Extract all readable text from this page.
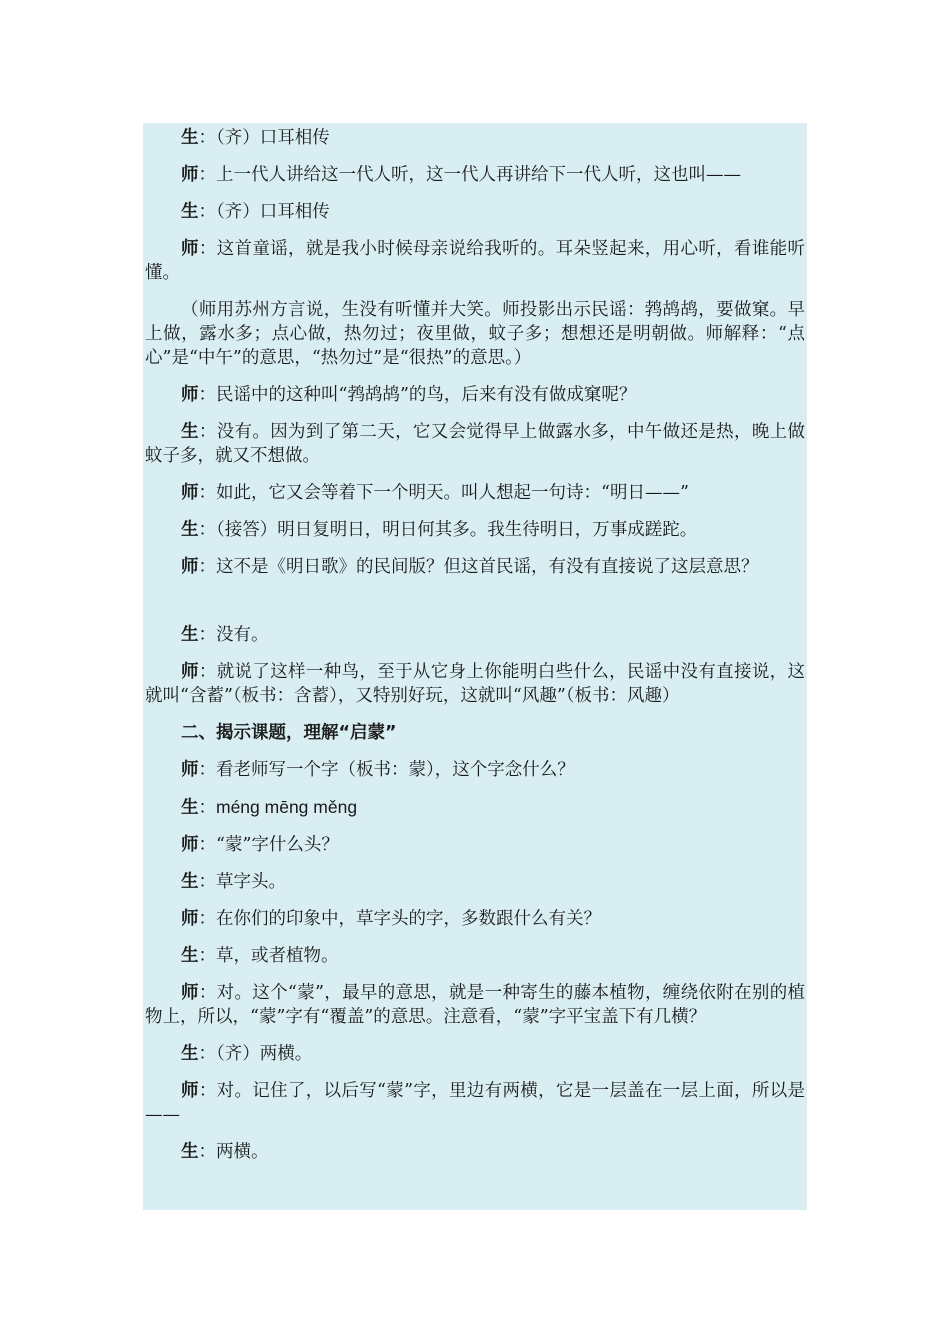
生：（齐）口耳相传

师：上一代人讲给这一代人听，这一代人再讲给下一代人听，这也叫——

生：（齐）口耳相传

师：这首童谣，就是我小时候母亲说给我听的。耳朵竖起来，用心听，看谁能听懂。

（师用苏州方言说，生没有听懂并大笑。师投影出示民谣：鹁鸪鸪，要做窠。早上做，露水多；点心做，热勿过；夜里做，蚊子多；想想还是明朝做。师解释：“点心”是“中午”的意思，“热勿过”是“很热”的意思。）

师：民谣中的这种叫“鹁鸪鸪”的鸟，后来有没有做成窠呢？

生：没有。因为到了第二天，它又会觉得早上做露水多，中午做还是热，晚上做蚊子多，就又不想做。

师：如此，它又会等着下一个明天。叫人想起一句诗：“明日——”

生：（接答）明日复明日，明日何其多。我生待明日，万事成蹉跎。

师：这不是《明日歌》的民间版？但这首民谣，有没有直接说了这层意思？

生：没有。

师：就说了这样一种鸟，至于从它身上你能明白些什么，民谣中没有直接说，这就叫“含蓄”（板书：含蓄），又特别好玩，这就叫“风趣”（板书：风趣）

二、揭示课题，理解“启蒙”

师：看老师写一个字（板书：蒙），这个字念什么？

生：méng mēng měng

师：“蒙”字什么头？

生：草字头。

师：在你们的印象中，草字头的字，多数跟什么有关？

生：草，或者植物。

师：对。这个“蒙”，最早的意思，就是一种寄生的藤本植物，缠绕依附在别的植物上，所以，“蒙”字有“覆盖”的意思。注意看，“蒙”字平宝盖下有几横？

生：（齐）两横。

师：对。记住了，以后写“蒙”字，里边有两横，它是一层盖在一层上面，所以是——

生：两横。
